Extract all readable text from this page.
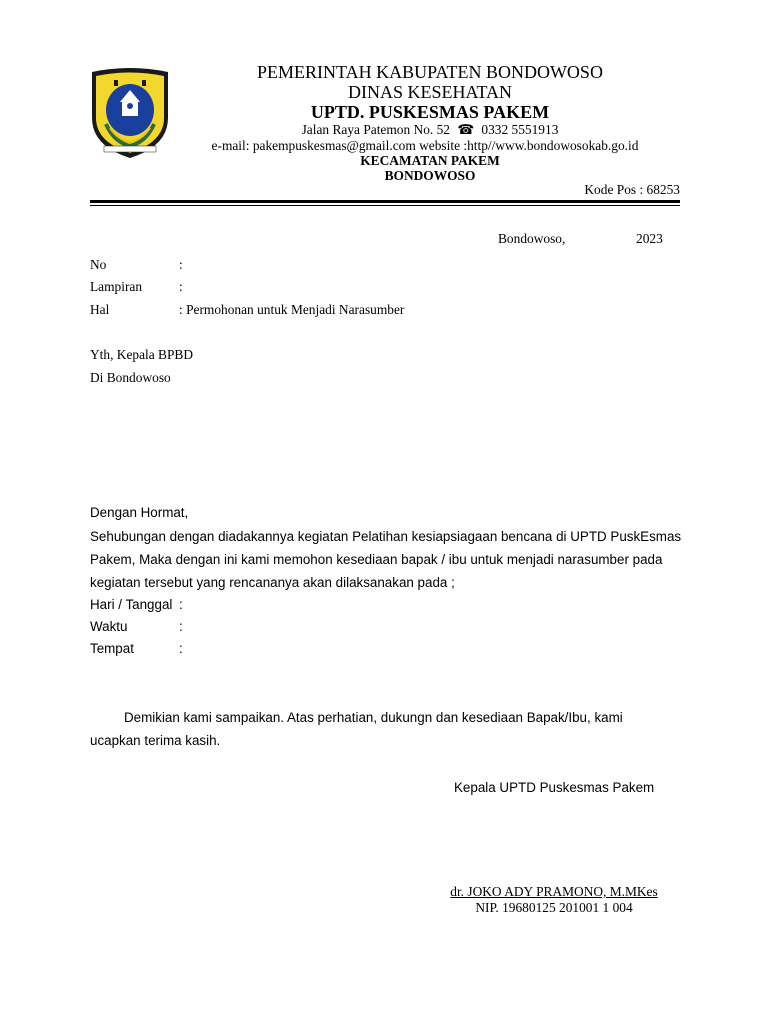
PEMERINTAH KABUPATEN BONDOWOSO
DINAS KESEHATAN
UPTD. PUSKESMAS PAKEM
Jalan Raya Patemon No. 52 ☎ 0332 5551913
e-mail: pakempuskesmas@gmail.com website :http//www.bondowosokab.go.id
KECAMATAN PAKEM
BONDOWOSO
Kode Pos : 68253
Bondowoso,	2023
No	:
Lampiran	:
Hal	: Permohonan untuk Menjadi Narasumber
Yth, Kepala BPBD
Di Bondowoso
Dengan Hormat,
Sehubungan dengan diadakannya kegiatan Pelatihan kesiapsiagaan bencana di UPTD PuskEsmas
Pakem, Maka dengan ini kami memohon kesediaan bapak / ibu untuk menjadi narasumber pada
kegiatan tersebut yang rencananya akan dilaksanakan pada ;
Hari / Tanggal :
Waktu	:
Tempat	:
Demikian kami sampaikan. Atas perhatian, dukungn dan kesediaan Bapak/Ibu, kami
ucapkan terima kasih.
Kepala UPTD Puskesmas Pakem
dr. JOKO ADY PRAMONO, M.MKes
NIP. 19680125 201001 1 004
